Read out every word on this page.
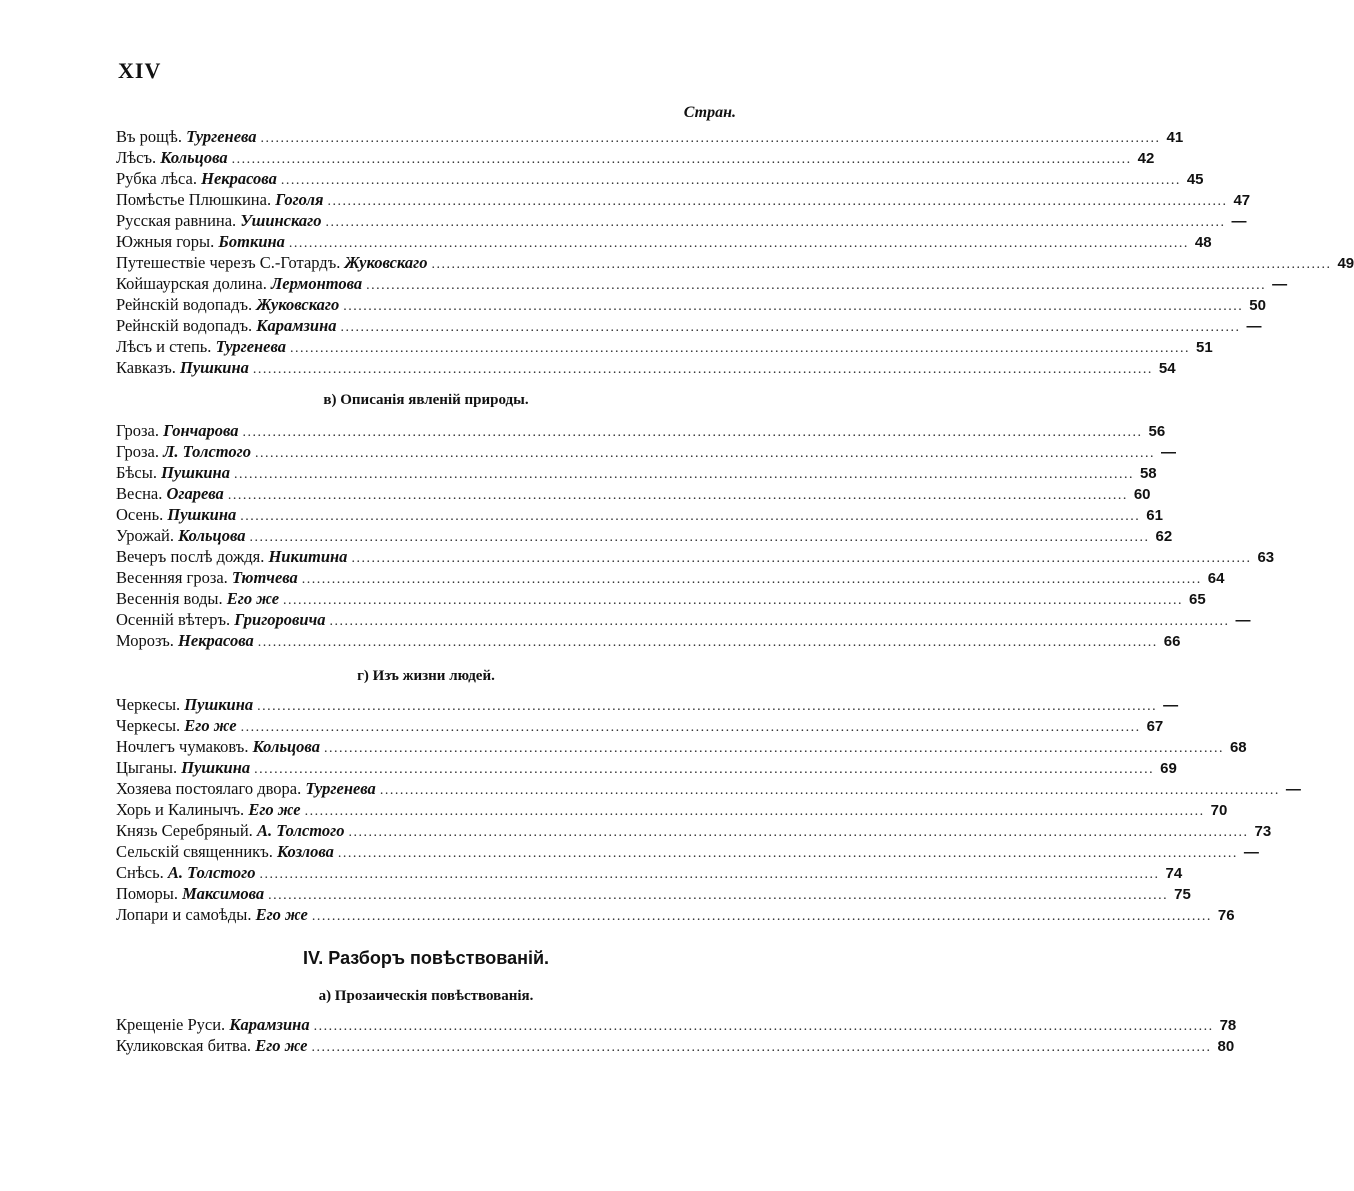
XIV
Стран.
Въ рощѣ.
Тургенева .................................................................................................................................................................................... 41
Лѣсъ.
Кольцова .................................................................................................................................................................................... 42
Рубка лѣса.
Некрасова .................................................................................................................................................................................... 45
Помѣстье Плюшкина.
Гоголя .................................................................................................................................................................................... 47
Русская равнина.
Ушинскаго .................................................................................................................................................................................... —
Южныя горы.
Боткина .................................................................................................................................................................................... 48
Путешествіе черезъ С.-Готардъ.
Жуковскаго .................................................................................................................................................................................... 49
Койшаурская долина.
Лермонтова .................................................................................................................................................................................... —
Рейнскій водопадъ.
Жуковскаго .................................................................................................................................................................................... 50
Рейнскій водопадъ.
Карамзина .................................................................................................................................................................................... —
Лѣсъ и степь.
Тургенева .................................................................................................................................................................................... 51
Кавказъ.
Пушкина .................................................................................................................................................................................... 54
в) Описанія явленій природы.
Гроза.
Гончарова .................................................................................................................................................................................... 56
Гроза.
Л. Толстого .................................................................................................................................................................................... —
Бѣсы.
Пушкина .................................................................................................................................................................................... 58
Весна.
Огарева .................................................................................................................................................................................... 60
Осень.
Пушкина .................................................................................................................................................................................... 61
Урожай.
Кольцова .................................................................................................................................................................................... 62
Вечеръ послѣ дождя.
Никитина .................................................................................................................................................................................... 63
Весенняя гроза.
Тютчева .................................................................................................................................................................................... 64
Весеннія воды.
Его же .................................................................................................................................................................................... 65
Осенній вѣтеръ.
Григоровича .................................................................................................................................................................................... —
Морозъ.
Некрасова .................................................................................................................................................................................... 66
г) Изъ жизни людей.
Черкесы.
Пушкина .................................................................................................................................................................................... —
Черкесы.
Его же .................................................................................................................................................................................... 67
Ночлегъ чумаковъ.
Кольцова .................................................................................................................................................................................... 68
Цыганы.
Пушкина .................................................................................................................................................................................... 69
Хозяева постоялаго двора.
Тургенева .................................................................................................................................................................................... —
Хорь и Калинычъ.
Его же .................................................................................................................................................................................... 70
Князь Серебряный.
А. Толстого .................................................................................................................................................................................... 73
Сельскій священникъ.
Козлова .................................................................................................................................................................................... —
Снѣсь.
А. Толстого .................................................................................................................................................................................... 74
Поморы.
Максимова .................................................................................................................................................................................... 75
Лопари и самоѣды.
Его же .................................................................................................................................................................................... 76
IV. Разборъ повѣствованій.
а) Прозаическія повѣствованія.
Крещеніе Руси.
Карамзина .................................................................................................................................................................................... 78
Куликовская битва.
Его же .................................................................................................................................................................................... 80
